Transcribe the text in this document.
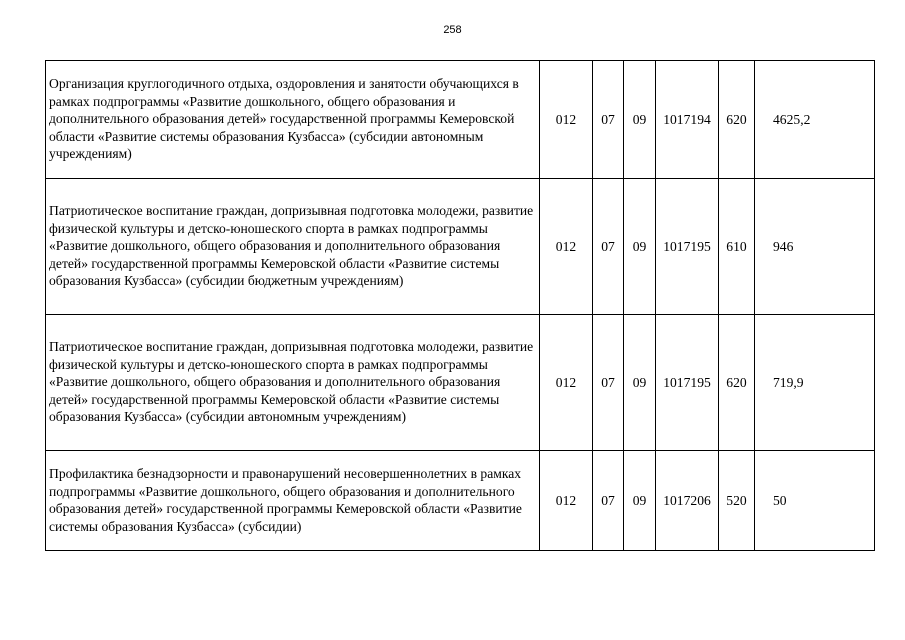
258
Организация круглогодичного отдыха, оздоровления и занятости обучающихся в рамках подпрограммы «Развитие дошкольного, общего образования и дополнительного образования детей» государственной программы Кемеровской области «Развитие системы образования Кузбасса» (субсидии автономным учреждениям)	012	07	09	1017194	620	4625,2
Патриотическое воспитание граждан, допризывная подготовка молодежи, развитие физической культуры и детско-юношеского спорта в рамках подпрограммы «Развитие дошкольного, общего образования и дополнительного образования детей» государственной программы Кемеровской области «Развитие системы образования Кузбасса» (субсидии бюджетным учреждениям)	012	07	09	1017195	610	946
Патриотическое воспитание граждан, допризывная подготовка молодежи, развитие физической культуры и детско-юношеского спорта в рамках подпрограммы «Развитие дошкольного, общего образования и дополнительного образования детей» государственной программы Кемеровской области «Развитие системы образования Кузбасса» (субсидии автономным учреждениям)	012	07	09	1017195	620	719,9
Профилактика безнадзорности и правонарушений несовершеннолетних в рамках подпрограммы «Развитие дошкольного, общего образования и дополнительного образования детей» государственной программы Кемеровской области «Развитие системы образования Кузбасса» (субсидии)	012	07	09	1017206	520	50
